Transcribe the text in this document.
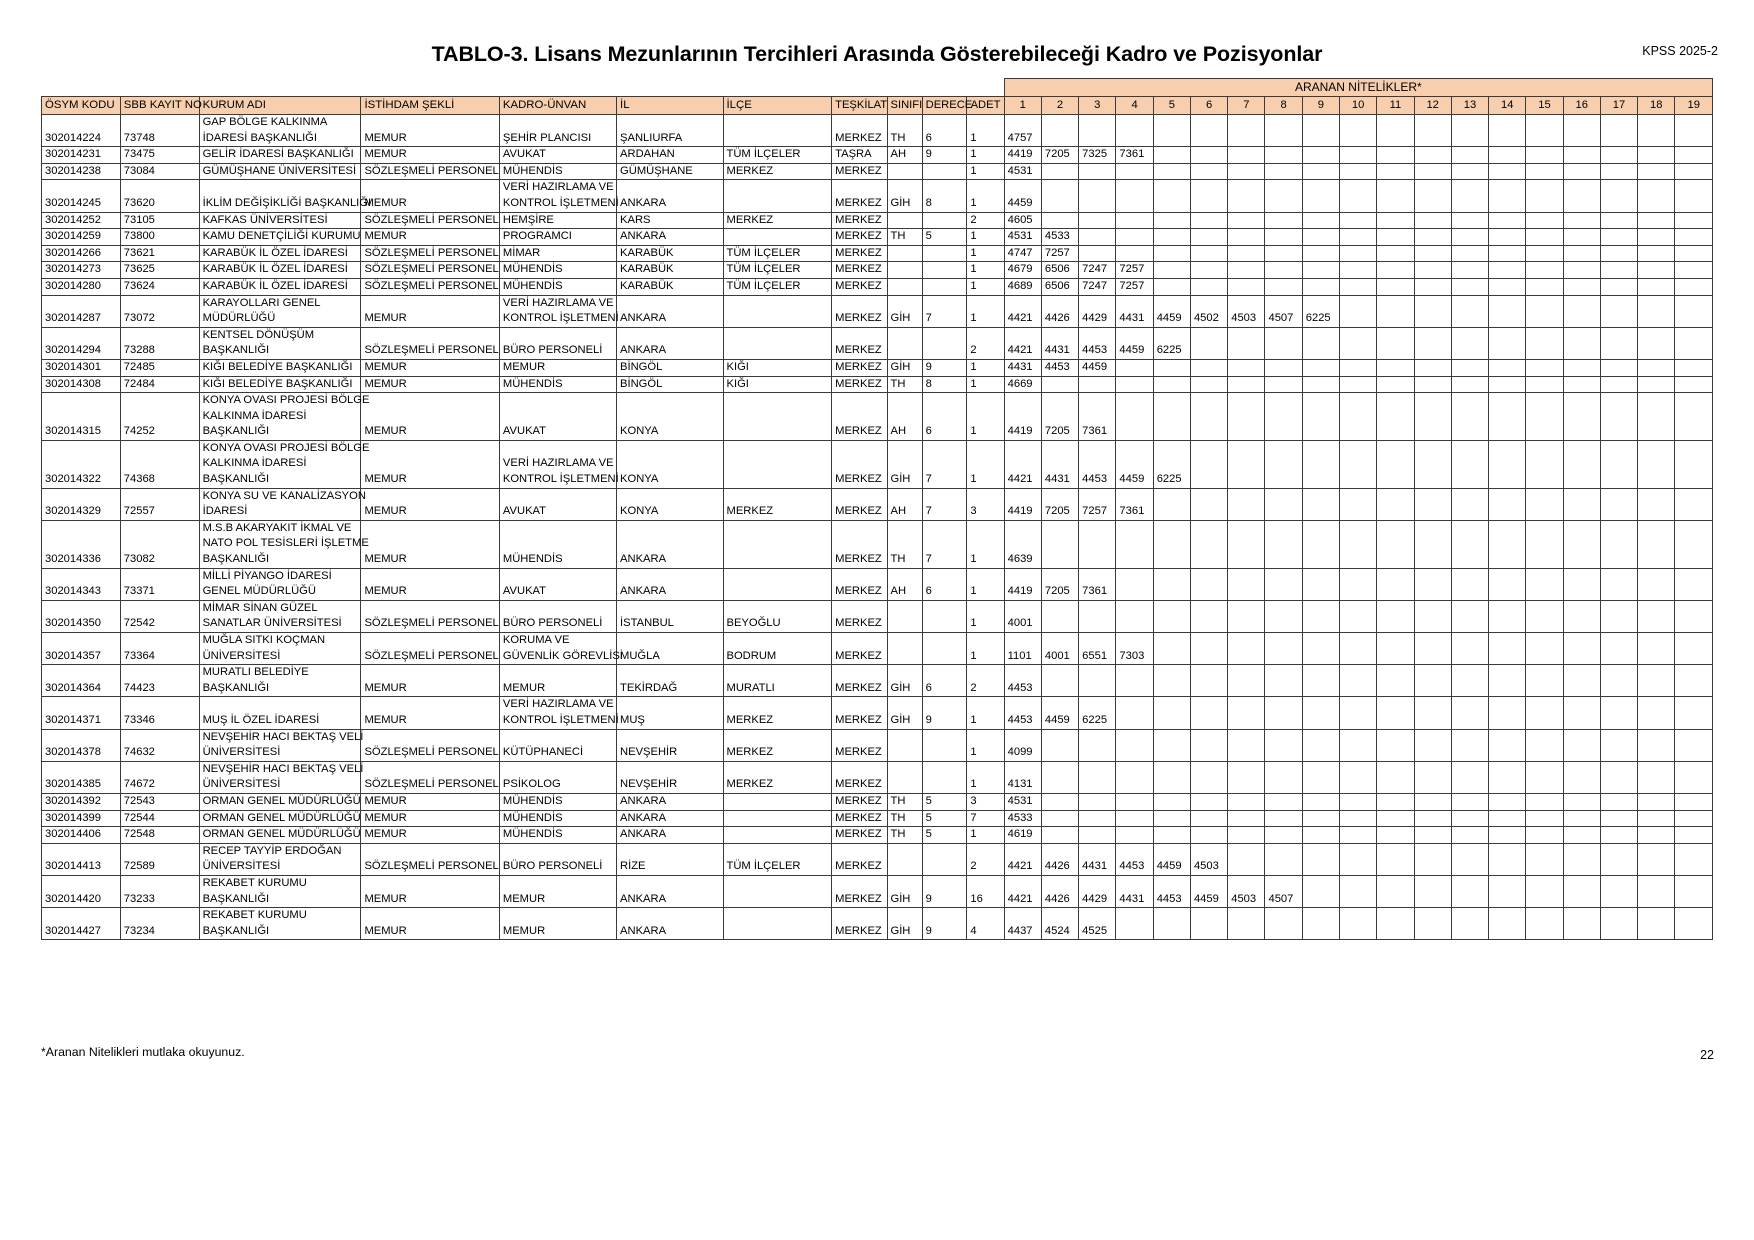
TABLO-3. Lisans Mezunlarının Tercihleri Arasında Gösterebileceği Kadro ve Pozisyonlar	KPSS 2025-2
											ARANAN NİTELİKLER*																		
ÖSYM KODU	SBB KAYIT NO	KURUM ADI	İSTİHDAM ŞEKLİ	KADRO-ÜNVAN	İL	İLÇE	TEŞKİLAT	SINIFI	DERECE	ADET	1	2	3	4	5	6	7	8	9	10	11	12	13	14	15	16	17	18	19
302014224	73748	GAP BÖLGE KALKINMA
İDARESİ BAŞKANLIĞI	MEMUR	ŞEHİR PLANCISI	ŞANLIURFA		MERKEZ	TH	6	1	4757																		
302014231	73475	GELİR İDARESİ BAŞKANLIĞI	MEMUR	AVUKAT	ARDAHAN	TÜM İLÇELER	TAŞRA	AH	9	1	4419	7205	7325	7361															
302014238	73084	GÜMÜŞHANE ÜNİVERSİTESİ	SÖZLEŞMELİ PERSONEL	MÜHENDİS	GÜMÜŞHANE	MERKEZ	MERKEZ			1	4531																		
302014245	73620	İKLİM DEĞİŞİKLİĞİ BAŞKANLIĞI	MEMUR	VERİ HAZIRLAMA VE
KONTROL İŞLETMENİ	ANKARA		MERKEZ	GİH	8	1	4459																		
302014252	73105	KAFKAS ÜNİVERSİTESİ	SÖZLEŞMELİ PERSONEL	HEMŞİRE	KARS	MERKEZ	MERKEZ			2	4605																		
302014259	73800	KAMU DENETÇİLİĞİ KURUMU	MEMUR	PROGRAMCI	ANKARA		MERKEZ	TH	5	1	4531	4533																	
302014266	73621	KARABÜK İL ÖZEL İDARESİ	SÖZLEŞMELİ PERSONEL	MİMAR	KARABÜK	TÜM İLÇELER	MERKEZ			1	4747	7257																	
302014273	73625	KARABÜK İL ÖZEL İDARESİ	SÖZLEŞMELİ PERSONEL	MÜHENDİS	KARABÜK	TÜM İLÇELER	MERKEZ			1	4679	6506	7247	7257															
302014280	73624	KARABÜK İL ÖZEL İDARESİ	SÖZLEŞMELİ PERSONEL	MÜHENDİS	KARABÜK	TÜM İLÇELER	MERKEZ			1	4689	6506	7247	7257															
302014287	73072	KARAYOLLARI GENEL
MÜDÜRLÜĞÜ	MEMUR	VERİ HAZIRLAMA VE
KONTROL İŞLETMENİ	ANKARA		MERKEZ	GİH	7	1	4421	4426	4429	4431	4459	4502	4503	4507	6225										
302014294	73288	KENTSEL DÖNÜŞÜM
BAŞKANLIĞI	SÖZLEŞMELİ PERSONEL	BÜRO PERSONELİ	ANKARA		MERKEZ			2	4421	4431	4453	4459	6225														
302014301	72485	KIĞI BELEDİYE BAŞKANLIĞI	MEMUR	MEMUR	BİNGÖL	KIĞI	MERKEZ	GİH	9	1	4431	4453	4459																
302014308	72484	KIĞI BELEDİYE BAŞKANLIĞI	MEMUR	MÜHENDİS	BİNGÖL	KIĞI	MERKEZ	TH	8	1	4669																		
302014315	74252	KONYA OVASI PROJESİ BÖLGE
KALKINMA İDARESİ
BAŞKANLIĞI	MEMUR	AVUKAT	KONYA		MERKEZ	AH	6	1	4419	7205	7361																
302014322	74368	KONYA OVASI PROJESİ BÖLGE
KALKINMA İDARESİ
BAŞKANLIĞI	MEMUR	VERİ HAZIRLAMA VE
KONTROL İŞLETMENİ	KONYA		MERKEZ	GİH	7	1	4421	4431	4453	4459	6225														
302014329	72557	KONYA SU VE KANALİZASYON
İDARESİ	MEMUR	AVUKAT	KONYA	MERKEZ	MERKEZ	AH	7	3	4419	7205	7257	7361															
302014336	73082	M.S.B AKARYAKIT İKMAL VE
NATO POL TESİSLERİ İŞLETME
BAŞKANLIĞI	MEMUR	MÜHENDİS	ANKARA		MERKEZ	TH	7	1	4639																		
302014343	73371	MİLLİ PİYANGO İDARESİ
GENEL MÜDÜRLÜĞÜ	MEMUR	AVUKAT	ANKARA		MERKEZ	AH	6	1	4419	7205	7361																
302014350	72542	MİMAR SİNAN GÜZEL
SANATLAR ÜNİVERSİTESİ	SÖZLEŞMELİ PERSONEL	BÜRO PERSONELİ	İSTANBUL	BEYOĞLU	MERKEZ			1	4001																		
302014357	73364	MUĞLA SITKI KOÇMAN
ÜNİVERSİTESİ	SÖZLEŞMELİ PERSONEL	KORUMA VE
GÜVENLİK GÖREVLİSİ	MUĞLA	BODRUM	MERKEZ			1	1101	4001	6551	7303															
302014364	74423	MURATLI BELEDİYE
BAŞKANLIĞI	MEMUR	MEMUR	TEKİRDAĞ	MURATLI	MERKEZ	GİH	6	2	4453																		
302014371	73346	MUŞ İL ÖZEL İDARESİ	MEMUR	VERİ HAZIRLAMA VE
KONTROL İŞLETMENİ	MUŞ	MERKEZ	MERKEZ	GİH	9	1	4453	4459	6225																
302014378	74632	NEVŞEHİR HACI BEKTAŞ VELİ
ÜNİVERSİTESİ	SÖZLEŞMELİ PERSONEL	KÜTÜPHANECİ	NEVŞEHİR	MERKEZ	MERKEZ			1	4099																		
302014385	74672	NEVŞEHİR HACI BEKTAŞ VELİ
ÜNİVERSİTESİ	SÖZLEŞMELİ PERSONEL	PSİKOLOG	NEVŞEHİR	MERKEZ	MERKEZ			1	4131																		
302014392	72543	ORMAN GENEL MÜDÜRLÜĞÜ	MEMUR	MÜHENDİS	ANKARA		MERKEZ	TH	5	3	4531																		
302014399	72544	ORMAN GENEL MÜDÜRLÜĞÜ	MEMUR	MÜHENDİS	ANKARA		MERKEZ	TH	5	7	4533																		
302014406	72548	ORMAN GENEL MÜDÜRLÜĞÜ	MEMUR	MÜHENDİS	ANKARA		MERKEZ	TH	5	1	4619																		
302014413	72589	RECEP TAYYİP ERDOĞAN
ÜNİVERSİTESİ	SÖZLEŞMELİ PERSONEL	BÜRO PERSONELİ	RİZE	TÜM İLÇELER	MERKEZ			2	4421	4426	4431	4453	4459	4503													
302014420	73233	REKABET KURUMU
BAŞKANLIĞI	MEMUR	MEMUR	ANKARA		MERKEZ	GİH	9	16	4421	4426	4429	4431	4453	4459	4503	4507											
302014427	73234	REKABET KURUMU
BAŞKANLIĞI	MEMUR	MEMUR	ANKARA		MERKEZ	GİH	9	4	4437	4524	4525																
*Aranan Nitelikleri mutlaka okuyunuz.	22
